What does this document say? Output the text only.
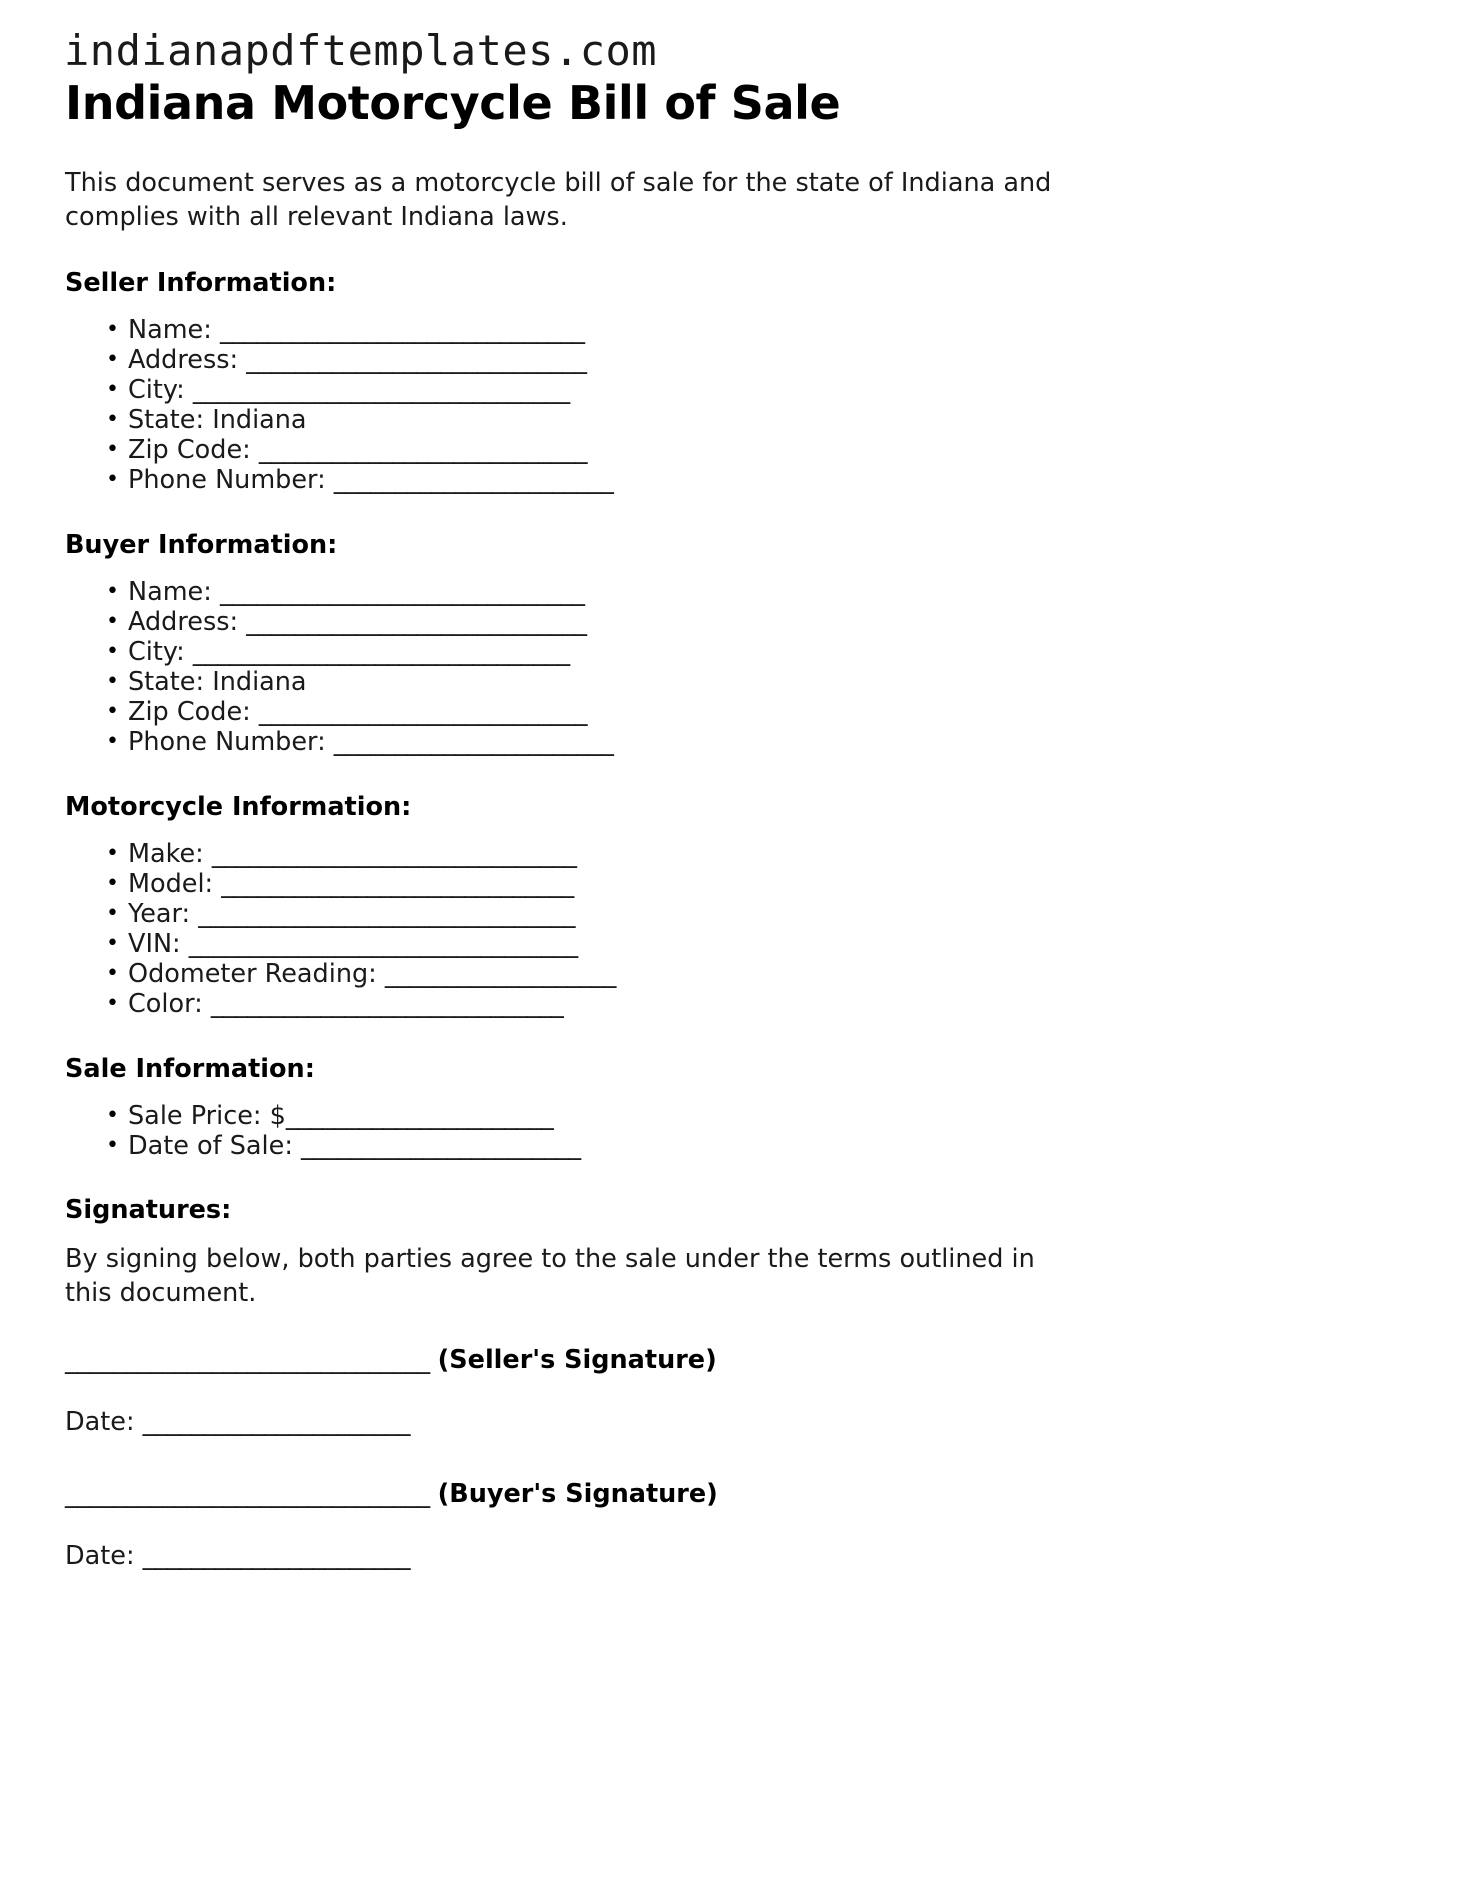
indianapdftemplates.com
Indiana Motorcycle Bill of Sale

This document serves as a motorcycle bill of sale for the state of Indiana and complies with all relevant Indiana laws.

Seller Information:
• Name: ______________________________
• Address: ____________________________
• City: _______________________________
• State: Indiana
• Zip Code: ___________________________
• Phone Number: _______________________
Buyer Information:
• Name: ______________________________
• Address: ____________________________
• City: _______________________________
• State: Indiana
• Zip Code: ___________________________
• Phone Number: _______________________
Motorcycle Information:
• Make: ______________________________
• Model: _____________________________
• Year: _______________________________
• VIN: ________________________________
• Odometer Reading: ___________________
• Color: _____________________________
Sale Information:
• Sale Price: $______________________
• Date of Sale: _______________________
Signatures:

By signing below, both parties agree to the sale under the terms outlined in this document.

______________________________ (Seller's Signature)
Date: ______________________
______________________________ (Buyer's Signature)
Date: ______________________
